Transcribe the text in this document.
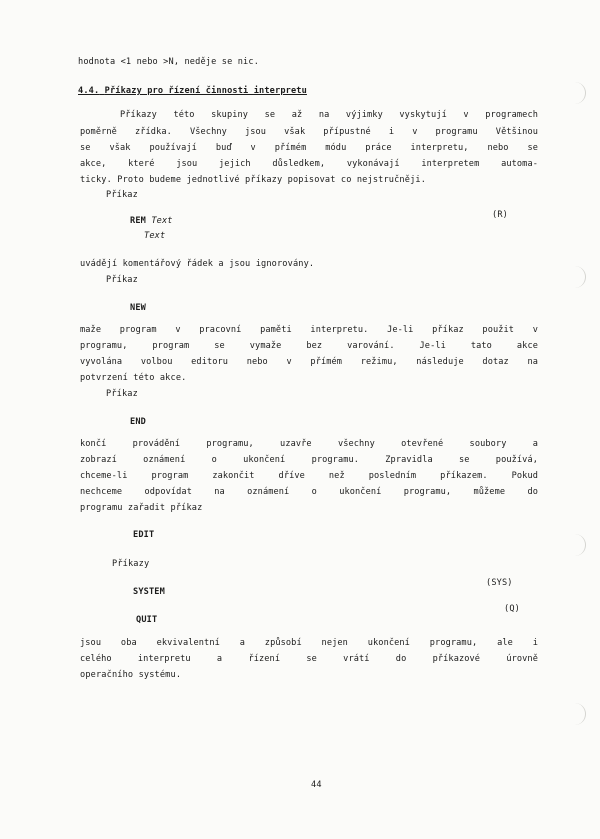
hodnota <1 nebo >N, neděje se nic.
4.4. Příkazy pro řízení činnosti interpretu
Příkazy této skupiny se až na výjimky vyskytují v programech
poměrně zřídka. Všechny jsou však přípustné i v programu Většinou
se však používají buď v přímém módu práce interpretu, nebo se
akce, které jsou jejich důsledkem, vykonávají interpretem automa-
ticky. Proto budeme jednotlivé příkazy popisovat co nejstručněji.
Příkaz
REM Text
(R)
Text
uvádějí komentářový řádek a jsou ignorovány.
Příkaz
NEW
maže program v pracovní paměti interpretu. Je-li příkaz použit v
programu, program se vymaže bez varování. Je-li tato akce
vyvolána volbou editoru nebo v přímém režimu, následuje dotaz na
potvrzení této akce.
Příkaz
END
končí provádění programu, uzavře všechny otevřené soubory a
zobrazí oznámení o ukončení programu. Zpravidla se používá,
chceme-li program zakončit dříve než posledním příkazem. Pokud
nechceme odpovídat na oznámení o ukončení programu, můžeme do
programu zařadit příkaz
EDIT
Příkazy
SYSTEM
(SYS)
QUIT
(Q)
jsou oba ekvivalentní a způsobí nejen ukončení programu, ale i
celého interpretu a řízení se vrátí do příkazové úrovně
operačního systému.
44
